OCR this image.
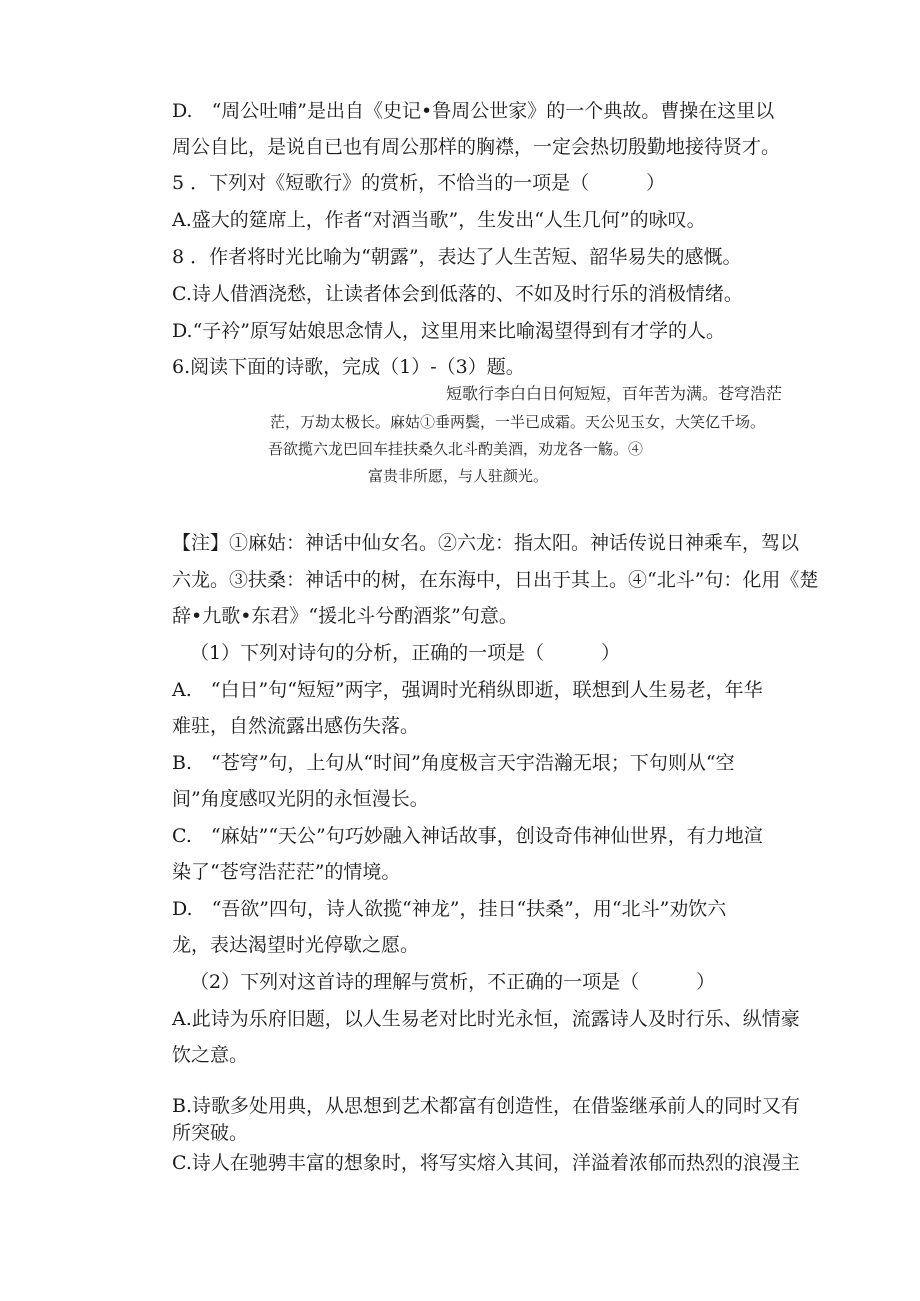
D.　“周公吐哺”是出自《史记•鲁周公世家》的一个典故。曹操在这里以
周公自比，是说自已也有周公那样的胸襟，一定会热切殷勤地接待贤才。
5 ．下列对《短歌行》的赏析，不恰当的一项是（　　　）
A.盛大的筵席上，作者“对酒当歌”，生发出“人生几何”的咏叹。
8 ．作者将时光比喻为“朝露”，表达了人生苦短、韶华易失的感慨。
C.诗人借酒浇愁，让读者体会到低落的、不如及时行乐的消极情绪。
D.“子衿”原写姑娘思念情人，这里用来比喻渴望得到有才学的人。
6.阅读下面的诗歌，完成（1）-（3）题。
短歌行李白白日何短短，百年苦为满。苍穹浩茫
茫，万劫太极长。麻姑①垂两鬓，一半已成霜。天公见玉女，大笑亿千场。
吾欲揽六龙巴回车挂扶桑久北斗酌美酒，劝龙各一觞。④
富贵非所愿，与人驻颜光。
【注】①麻姑：神话中仙女名。②六龙：指太阳。神话传说日神乘车，驾以
六龙。③扶桑：神话中的树，在东海中，日出于其上。④“北斗”句：化用《楚
辞•九歌•东君》“援北斗兮酌酒浆”句意。
（1）下列对诗句的分析，正确的一项是（　　　）
A.　“白日”句“短短”两字，强调时光稍纵即逝，联想到人生易老，年华
难驻，自然流露出感伤失落。
B.　“苍穹”句，上句从“时间”角度极言天宇浩瀚无垠；下句则从“空
间”角度感叹光阴的永恒漫长。
C.　“麻姑”“天公”句巧妙融入神话故事，创设奇伟神仙世界，有力地渲
染了“苍穹浩茫茫”的情境。
D.　“吾欲”四句，诗人欲揽“神龙”，挂日“扶桑”，用“北斗”劝饮六
龙，表达渴望时光停歇之愿。
（2）下列对这首诗的理解与赏析，不正确的一项是（　　　）
A.此诗为乐府旧题，以人生易老对比时光永恒，流露诗人及时行乐、纵情豪
饮之意。
B.诗歌多处用典，从思想到艺术都富有创造性，在借鉴继承前人的同时又有
所突破。
C.诗人在驰骋丰富的想象时，将写实熔入其间，洋溢着浓郁而热烈的浪漫主
